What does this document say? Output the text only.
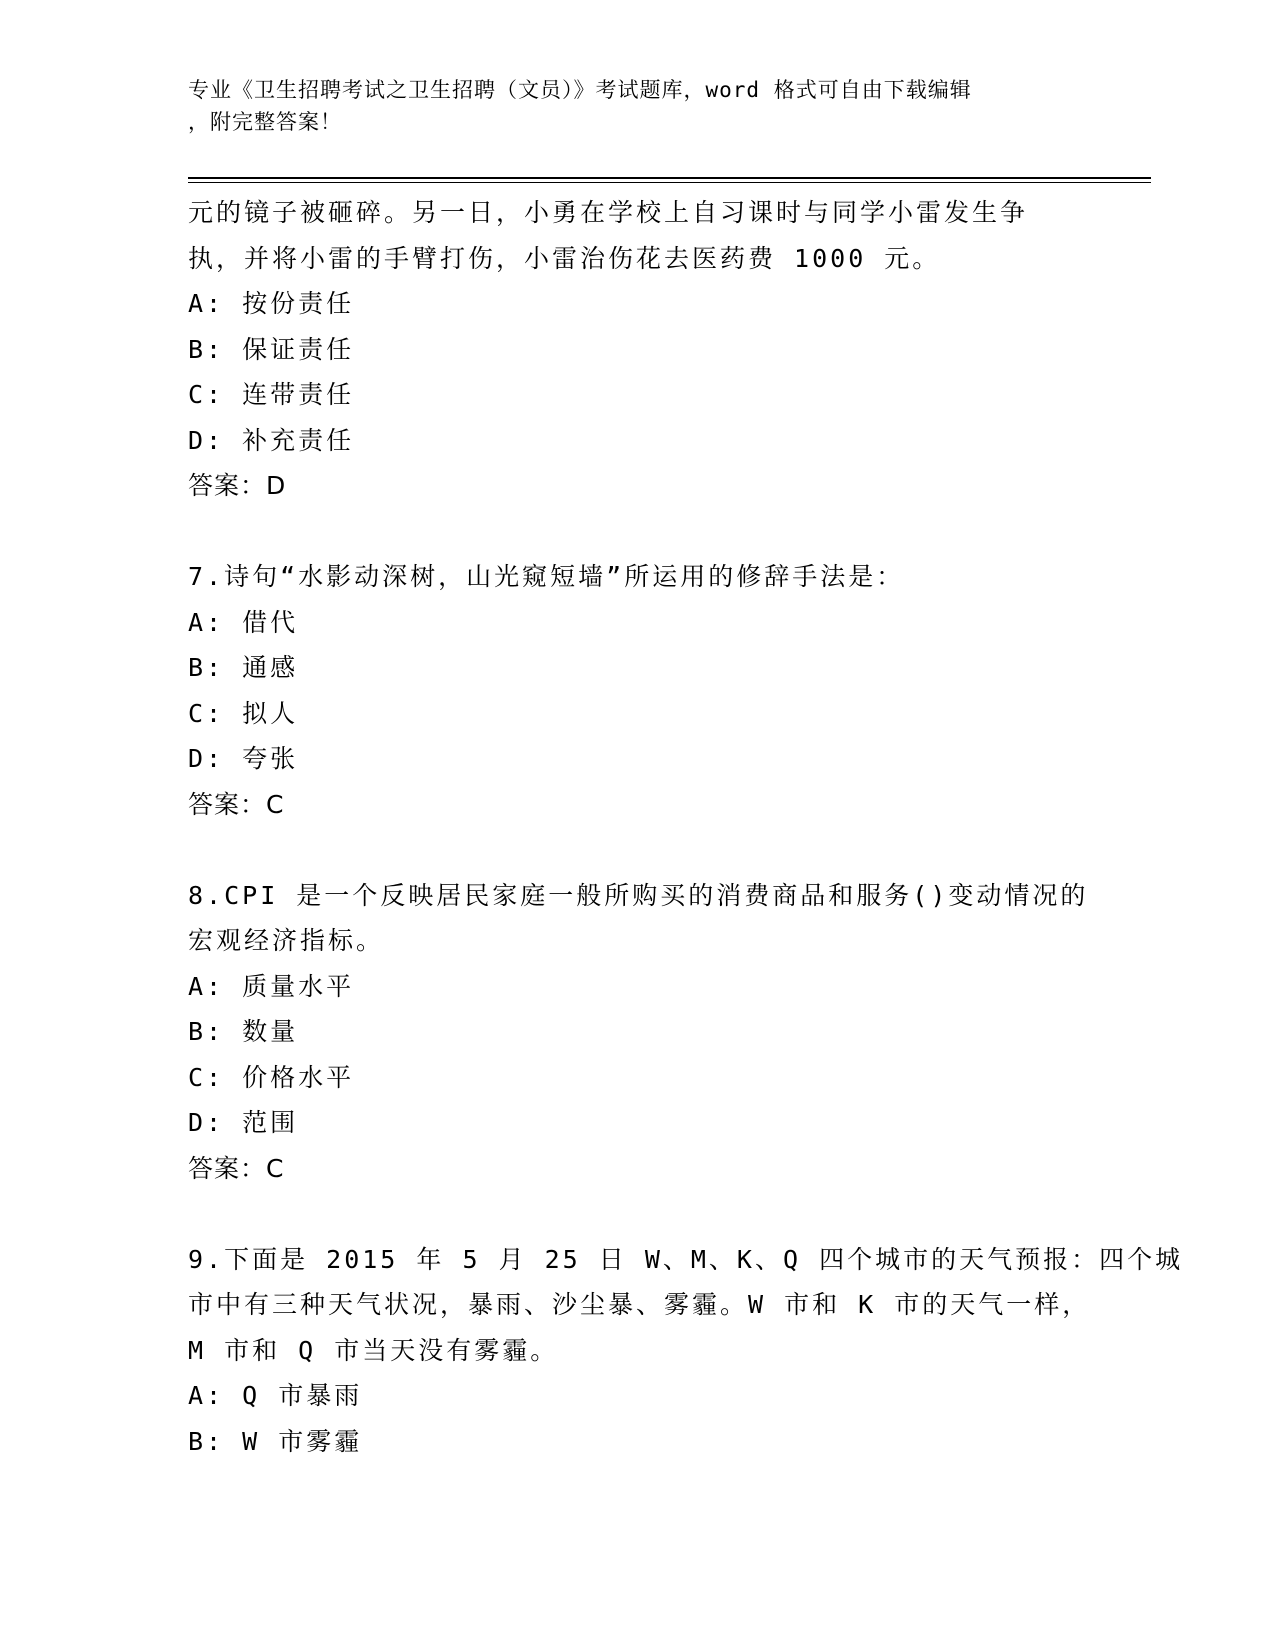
专业《卫生招聘考试之卫生招聘（文员）》考试题库，word 格式可自由下载编辑
，附完整答案！
元的镜子被砸碎。另一日，小勇在学校上自习课时与同学小雷发生争
执，并将小雷的手臂打伤，小雷治伤花去医药费 1000 元。
A: 按份责任
B: 保证责任
C: 连带责任
D: 补充责任
答案：D
7.诗句“水影动深树，山光窥短墙”所运用的修辞手法是：
A: 借代
B: 通感
C: 拟人
D: 夸张
答案：C
8.CPI 是一个反映居民家庭一般所购买的消费商品和服务()变动情况的
宏观经济指标。
A: 质量水平
B: 数量
C: 价格水平
D: 范围
答案：C
9.下面是 2015 年 5 月 25 日 W、M、K、Q 四个城市的天气预报：四个城
市中有三种天气状况，暴雨、沙尘暴、雾霾。W 市和 K 市的天气一样，
M 市和 Q 市当天没有雾霾。
A: Q 市暴雨
B: W 市雾霾
